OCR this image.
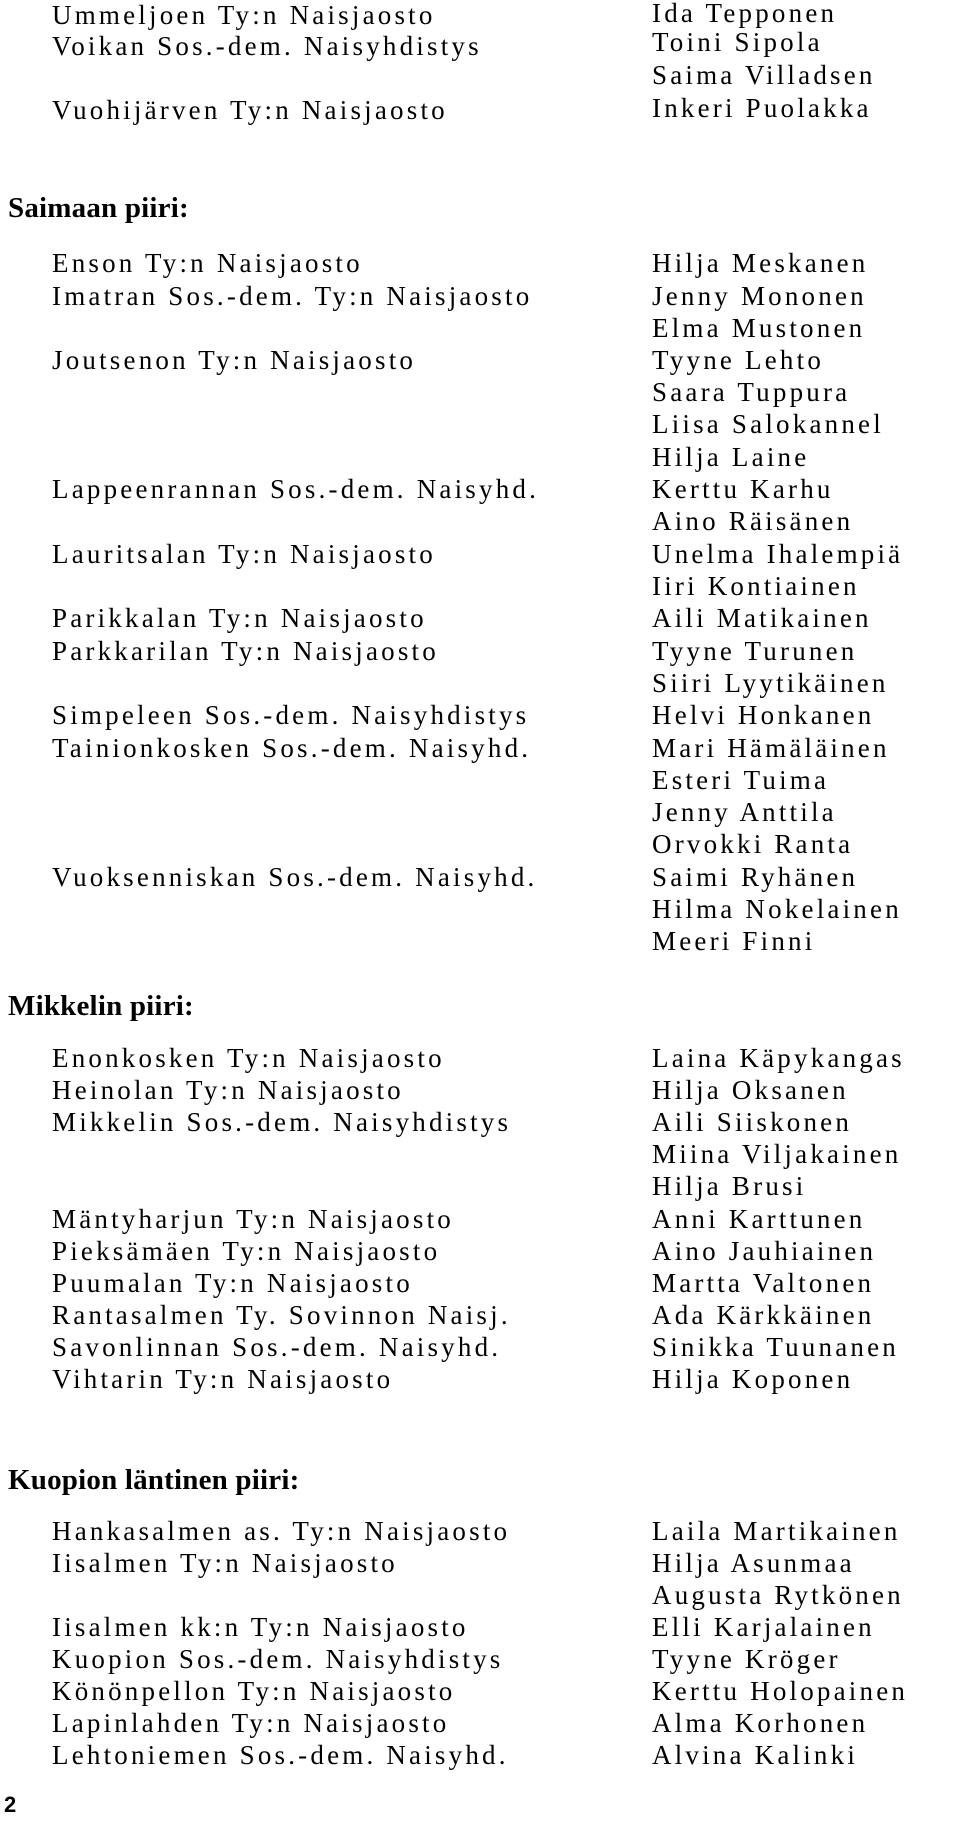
Ummeljoen Ty:n Naisjaosto
Voikan Sos.-dem. Naisyhdistys
Vuohijärven Ty:n Naisjaosto
Ida Tepponen
Toini Sipola
Saima Villadsen
Inkeri Puolakka
Saimaan piiri:
Enson Ty:n Naisjaosto
Imatran Sos.-dem. Ty:n Naisjaosto
Joutsenon Ty:n Naisjaosto
Lappeenrannan Sos.-dem. Naisyhd.
Lauritsalan Ty:n Naisjaosto
Parikkalan Ty:n Naisjaosto
Parkkarilan Ty:n Naisjaosto
Simpeleen Sos.-dem. Naisyhdistys
Tainionkosken Sos.-dem. Naisyhd.
Vuoksenniskan Sos.-dem. Naisyhd.
Hilja Meskanen
Jenny Mononen
Elma Mustonen
Tyyne Lehto
Saara Tuppura
Liisa Salokannel
Hilja Laine
Kerttu Karhu
Aino Räisänen
Unelma Ihalempiä
Iiri Kontiainen
Aili Matikainen
Tyyne Turunen
Siiri Lyytikäinen
Helvi Honkanen
Mari Hämäläinen
Esteri Tuima
Jenny Anttila
Orvokki Ranta
Saimi Ryhänen
Hilma Nokelainen
Meeri Finni
Mikkelin piiri:
Enonkosken Ty:n Naisjaosto
Heinolan Ty:n Naisjaosto
Mikkelin Sos.-dem. Naisyhdistys
Mäntyharjun Ty:n Naisjaosto
Pieksämäen Ty:n Naisjaosto
Puumalan Ty:n Naisjaosto
Rantasalmen Ty. Sovinnon Naisj.
Savonlinnan Sos.-dem. Naisyhd.
Vihtarin Ty:n Naisjaosto
Laina Käpykangas
Hilja Oksanen
Aili Siiskonen
Miina Viljakainen
Hilja Brusi
Anni Karttunen
Aino Jauhiainen
Martta Valtonen
Ada Kärkkäinen
Sinikka Tuunanen
Hilja Koponen
Kuopion läntinen piiri:
Hankasalmen as. Ty:n Naisjaosto
Iisalmen Ty:n Naisjaosto
Iisalmen kk:n Ty:n Naisjaosto
Kuopion Sos.-dem. Naisyhdistys
Könönpellon Ty:n Naisjaosto
Lapinlahden Ty:n Naisjaosto
Lehtoniemen Sos.-dem. Naisyhd.
Laila Martikainen
Hilja Asunmaa
Augusta Rytkönen
Elli Karjalainen
Tyyne Kröger
Kerttu Holopainen
Alma Korhonen
Alvina Kalinki
2
